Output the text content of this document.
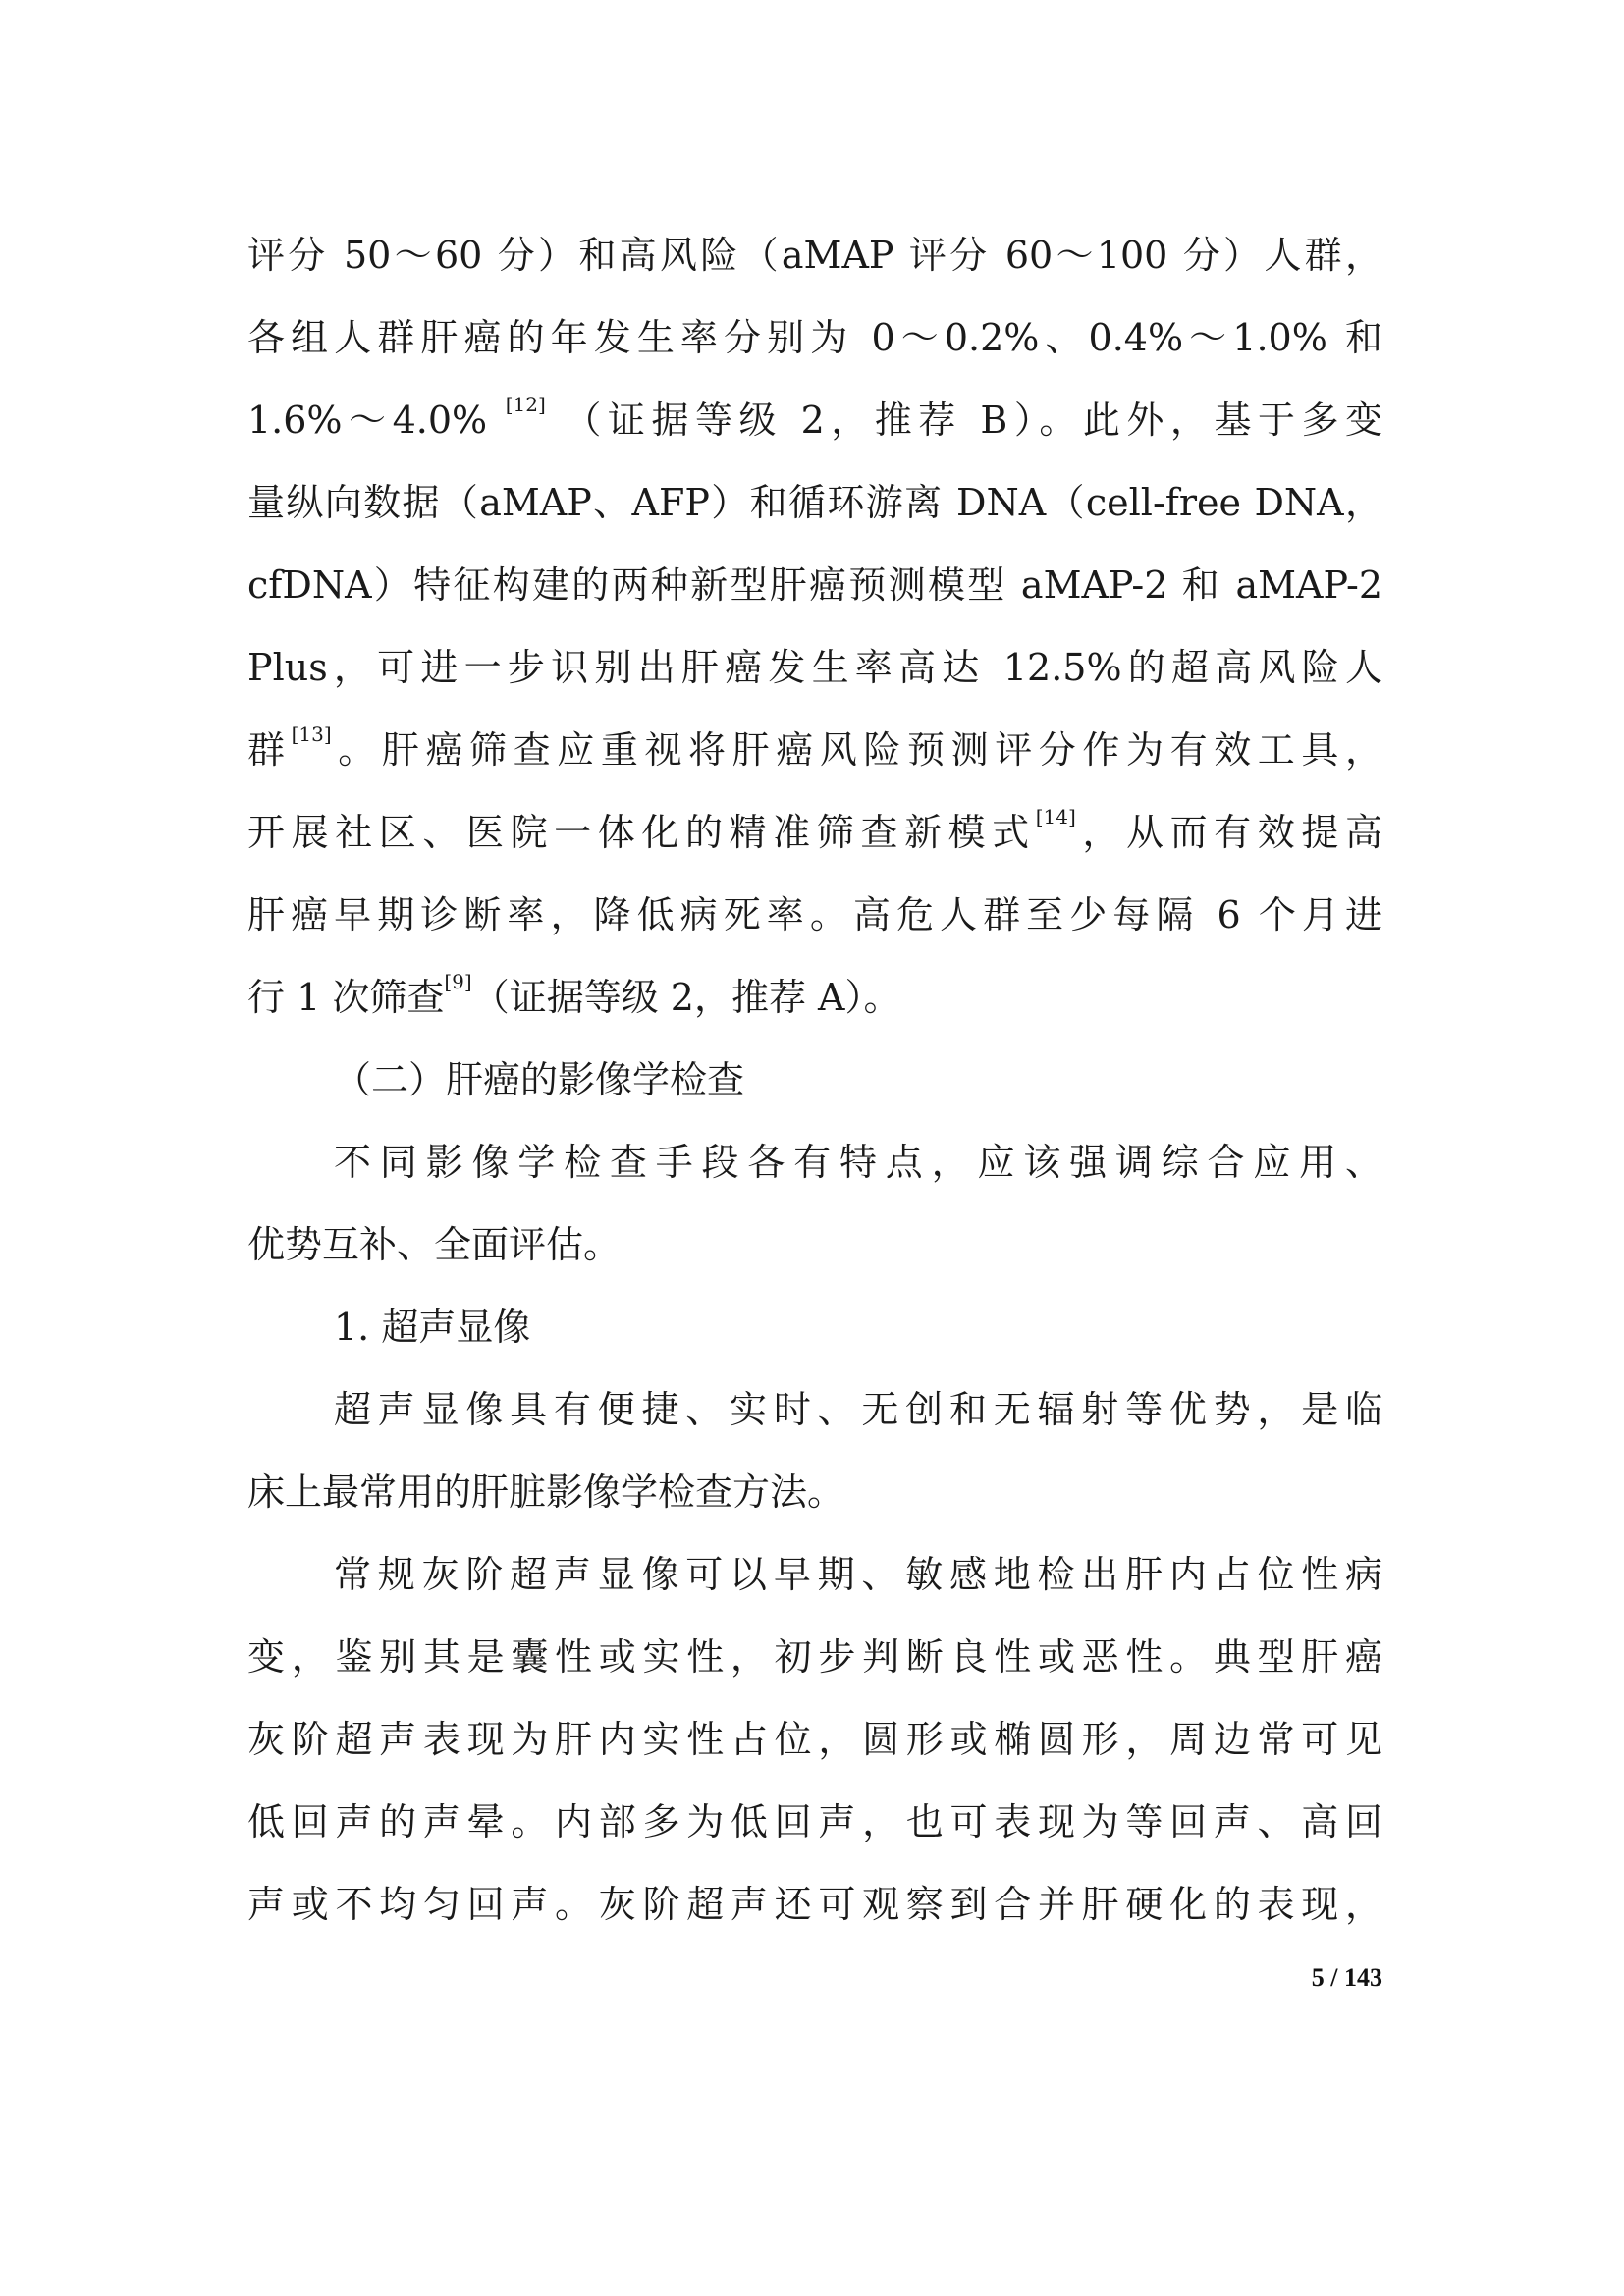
评分 50～60 分）和高风险（aMAP 评分 60～100 分）人群，
各组人群肝癌的年发生率分别为 0～0.2%、0.4%～1.0% 和
1.6%～4.0% [12] （证据等级 2，推荐 B）。此外，基于多变
量纵向数据（aMAP、AFP）和循环游离 DNA（cell-free DNA，
cfDNA）特征构建的两种新型肝癌预测模型 aMAP-2 和 aMAP-2
Plus，可进一步识别出肝癌发生率高达 12.5%的超高风险人
群[13]。肝癌筛查应重视将肝癌风险预测评分作为有效工具，
开展社区、医院一体化的精准筛查新模式[14]，从而有效提高
肝癌早期诊断率，降低病死率。高危人群至少每隔 6 个月进
行 1 次筛查[9]（证据等级 2，推荐 A）。
（二）肝癌的影像学检查
不同影像学检查手段各有特点，应该强调综合应用、
优势互补、全面评估。
1. 超声显像
超声显像具有便捷、实时、无创和无辐射等优势，是临
床上最常用的肝脏影像学检查方法。
常规灰阶超声显像可以早期、敏感地检出肝内占位性病
变，鉴别其是囊性或实性，初步判断良性或恶性。典型肝癌
灰阶超声表现为肝内实性占位，圆形或椭圆形，周边常可见
低回声的声晕。内部多为低回声，也可表现为等回声、高回
声或不均匀回声。灰阶超声还可观察到合并肝硬化的表现，
5 / 143
